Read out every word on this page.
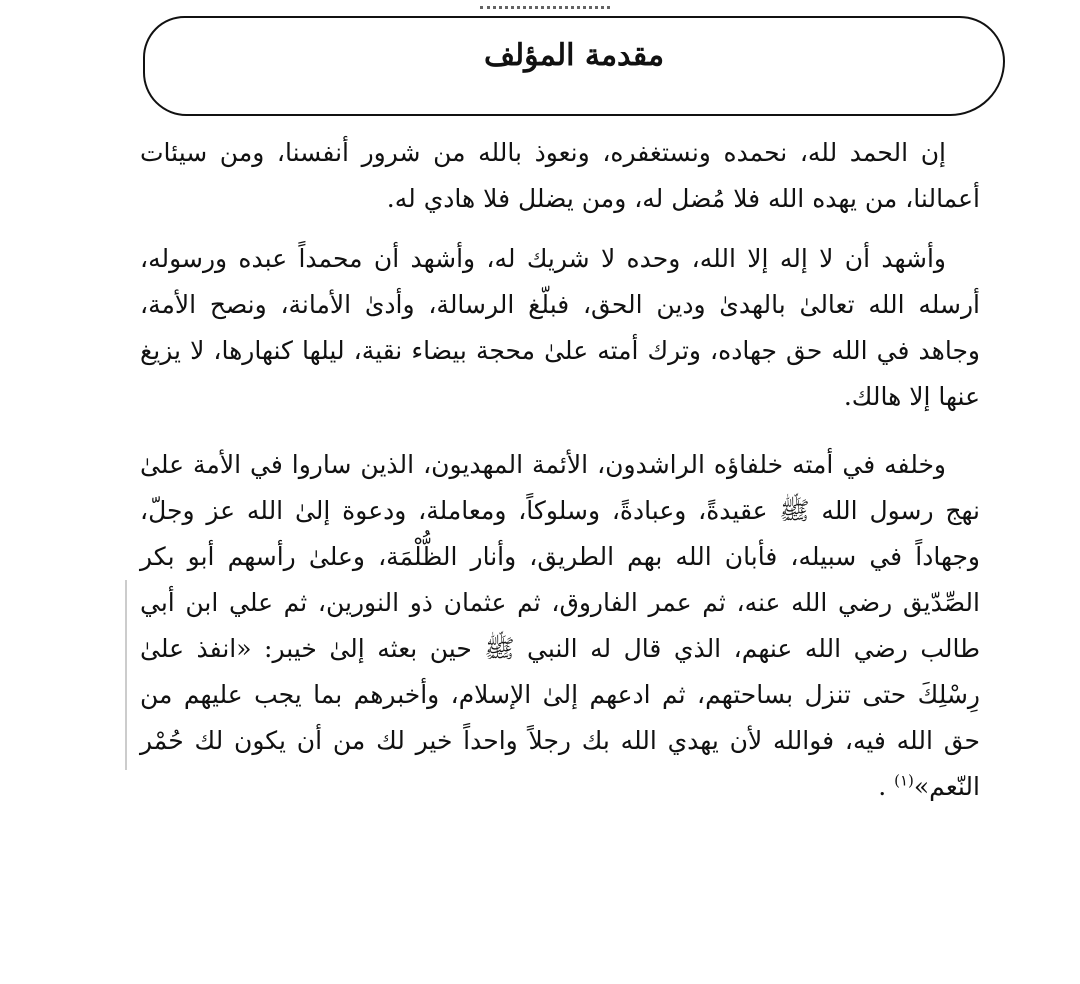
مقدمة المؤلف

إن الحمد لله، نحمده ونستغفره، ونعوذ بالله من شرور أنفسنا، ومن سيئات أعمالنا، من يهده الله فلا مُضل له، ومن يضلل فلا هادي له.

وأشهد أن لا إله إلا الله، وحده لا شريك له، وأشهد أن محمداً عبده ورسوله، أرسله الله تعالىٰ بالهدىٰ ودين الحق، فبلّغ الرسالة، وأدىٰ الأمانة، ونصح الأمة، وجاهد في الله حق جهاده، وترك أمته علىٰ محجة بيضاء نقية، ليلها كنهارها، لا يزيغ عنها إلا هالك.

وخلفه في أمته خلفاؤه الراشدون، الأئمة المهديون، الذين ساروا في الأمة علىٰ نهج رسول الله ﷺ عقيدةً، وعبادةً، وسلوكاً، ومعاملة، ودعوة إلىٰ الله عز وجلّ، وجهاداً في سبيله، فأبان الله بهم الطريق، وأنار الظُّلْمَة، وعلىٰ رأسهم أبو بكر الصِّدّيق رضي الله عنه، ثم عمر الفاروق، ثم عثمان ذو النورين، ثم علي ابن أبي طالب رضي الله عنهم، الذي قال له النبي ﷺ حين بعثه إلىٰ خيبر: «انفذ علىٰ رِسْلِكَ حتى تنزل بساحتهم، ثم ادعهم إلىٰ الإسلام، وأخبرهم بما يجب عليهم من حق الله فيه، فوالله لأن يهدي الله بك رجلاً واحداً خير لك من أن يكون لك حُمْر النّعم»$^{(١)}$ .
